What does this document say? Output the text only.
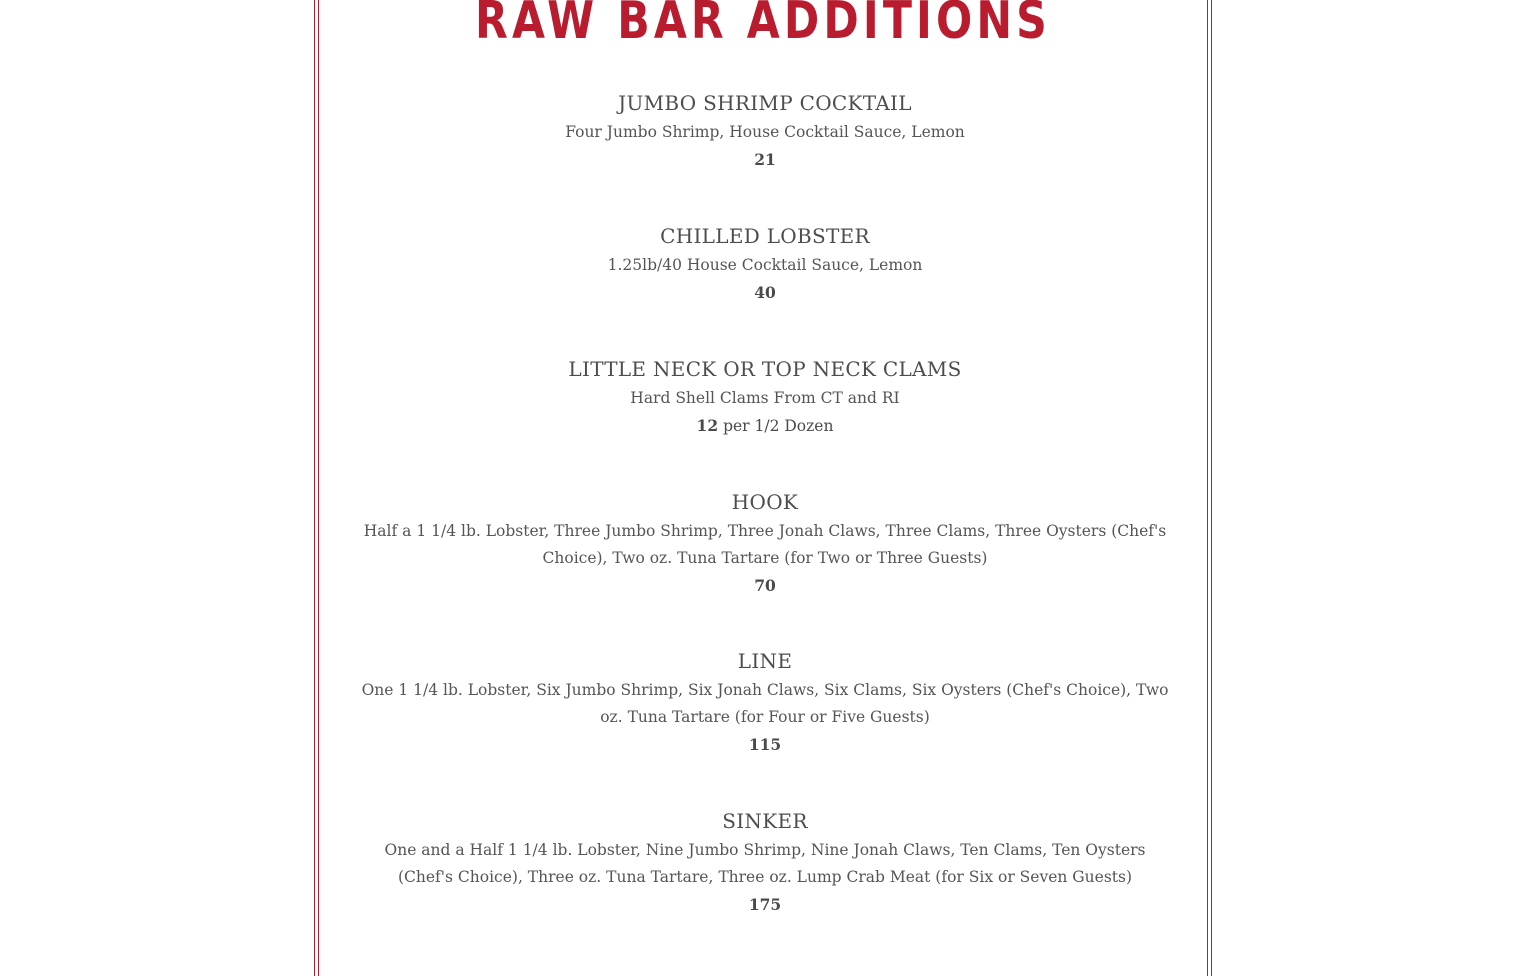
RAW BAR ADDITIONS
JUMBO SHRIMP COCKTAIL
Four Jumbo Shrimp, House Cocktail Sauce, Lemon
21
CHILLED LOBSTER
1.25lb/40 House Cocktail Sauce, Lemon
40
LITTLE NECK OR TOP NECK CLAMS
Hard Shell Clams From CT and RI
12 per 1/2 Dozen
HOOK
Half a 1 1/4 lb. Lobster, Three Jumbo Shrimp, Three Jonah Claws, Three Clams, Three Oysters (Chef's Choice), Two oz. Tuna Tartare (for Two or Three Guests)
70
LINE
One 1 1/4 lb. Lobster, Six Jumbo Shrimp, Six Jonah Claws, Six Clams, Six Oysters (Chef's Choice), Two oz. Tuna Tartare (for Four or Five Guests)
115
SINKER
One and a Half 1 1/4 lb. Lobster, Nine Jumbo Shrimp, Nine Jonah Claws, Ten Clams, Ten Oysters (Chef's Choice), Three oz. Tuna Tartare, Three oz. Lump Crab Meat (for Six or Seven Guests)
175
